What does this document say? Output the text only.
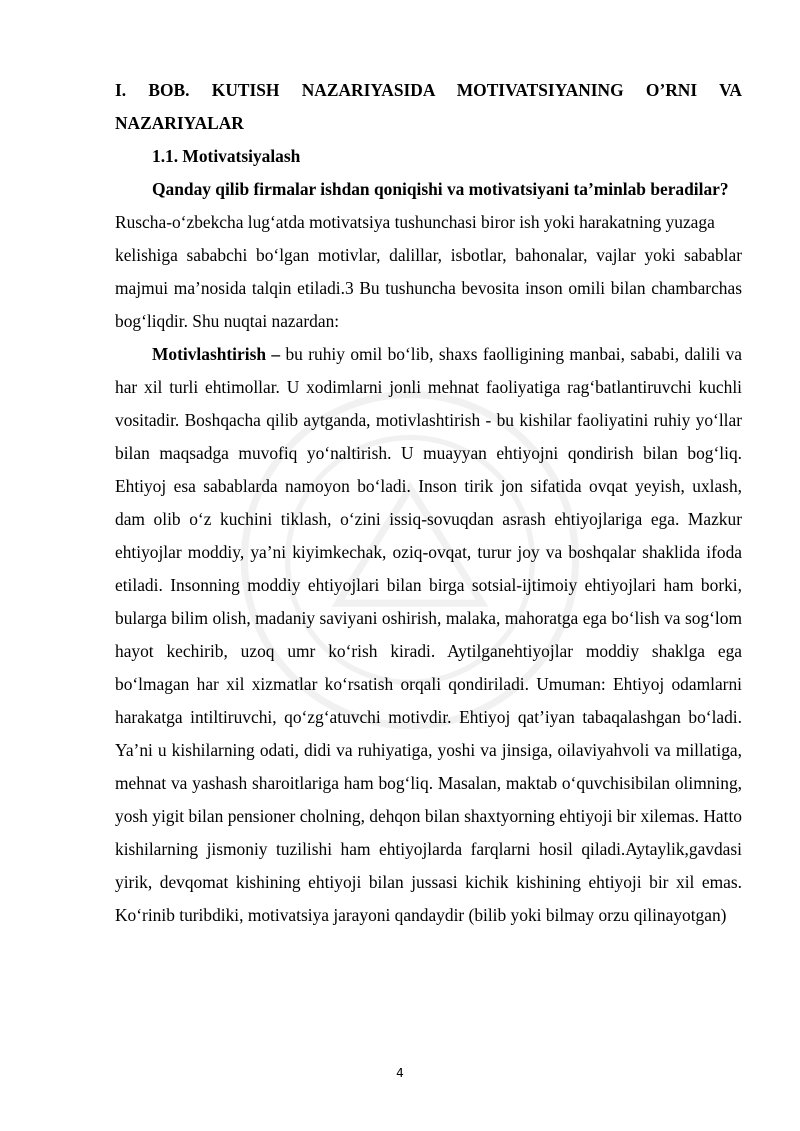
I. BOB. KUTISH NAZARIYASIDA MOTIVATSIYANING O’RNI VA NAZARIYALAR

1.1. Motivatsiyalash

Qanday qilib firmalar ishdan qoniqishi va motivatsiyani ta’minlab beradilar?

Ruscha-o‘zbekcha lug‘atda motivatsiya tushunchasi biror ish yoki harakatning yuzaga

kelishiga sababchi bo‘lgan motivlar, dalillar, isbotlar, bahonalar, vajlar yoki sabablar majmui ma’nosida talqin etiladi.3 Bu tushuncha bevosita inson omili bilan chambarchas bog‘liqdir. Shu nuqtai nazardan:

Motivlashtirish – bu ruhiy omil bo‘lib, shaxs faolligining manbai, sababi, dalili va har xil turli ehtimollar. U xodimlarni jonli mehnat faoliyatiga rag‘batlantiruvchi kuchli vositadir. Boshqacha qilib aytganda, motivlashtirish - bu kishilar faoliyatini ruhiy yo‘llar bilan maqsadga muvofiq yo‘naltirish. U muayyan ehtiyojni qondirish bilan bog‘liq. Ehtiyoj esa sabablarda namoyon bo‘ladi. Inson tirik jon sifatida ovqat yeyish, uxlash, dam olib o‘z kuchini tiklash, o‘zini issiq-sovuqdan asrash ehtiyojlariga ega. Mazkur ehtiyojlar moddiy, ya’ni kiyimkechak, oziq-ovqat, turur joy va boshqalar shaklida ifoda etiladi. Insonning moddiy ehtiyojlari bilan birga sotsial-ijtimoiy ehtiyojlari ham borki, bularga bilim olish, madaniy saviyani oshirish, malaka, mahoratga ega bo‘lish va sog‘lom hayot kechirib, uzoq umr ko‘rish kiradi. Aytilganehtiyojlar moddiy shaklga ega bo‘lmagan har xil xizmatlar ko‘rsatish orqali qondiriladi. Umuman: Ehtiyoj odamlarni harakatga intiltiruvchi, qo‘zg‘atuvchi motivdir. Ehtiyoj qat’iyan tabaqalashgan bo‘ladi. Ya’ni u kishilarning odati, didi va ruhiyatiga, yoshi va jinsiga, oilaviyahvoli va millatiga, mehnat va yashash sharoitlariga ham bog‘liq. Masalan, maktab o‘quvchisibilan olimning, yosh yigit bilan pensioner cholning, dehqon bilan shaxtyorning ehtiyoji bir xilemas. Hatto kishilarning jismoniy tuzilishi ham ehtiyojlarda farqlarni hosil qiladi.Aytaylik,gavdasi yirik, devqomat kishining ehtiyoji bilan jussasi kichik kishining ehtiyoji bir xil emas. Ko‘rinib turibdiki, motivatsiya jarayoni qandaydir (bilib yoki bilmay orzu qilinayotgan)

4
